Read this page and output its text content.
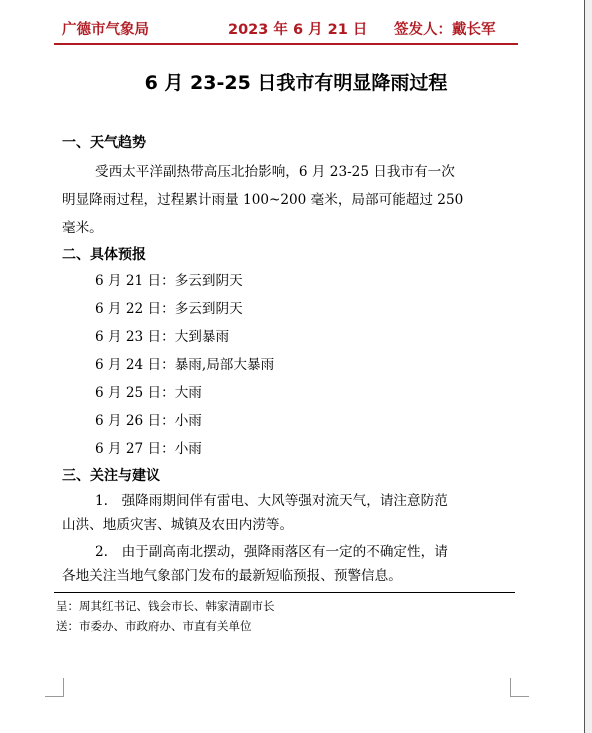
广德市气象局	2023 年 6 月 21 日 签发人：戴长军
6 月 23-25 日我市有明显降雨过程
一、天气趋势
受西太平洋副热带高压北抬影响，6 月 23-25 日我市有一次
明显降雨过程，过程累计雨量 100~200 毫米，局部可能超过 250
毫米。
二、具体预报
6 月 21 日：多云到阴天
6 月 22 日：多云到阴天
6 月 23 日：大到暴雨
6 月 24 日：暴雨,局部大暴雨
6 月 25 日：大雨
6 月 26 日：小雨
6 月 27 日：小雨
三、关注与建议
1.　强降雨期间伴有雷电、大风等强对流天气，请注意防范
山洪、地质灾害、城镇及农田内涝等。
2.　由于副高南北摆动，强降雨落区有一定的不确定性，请
各地关注当地气象部门发布的最新短临预报、预警信息。
呈：周其红书记、钱会市长、韩家清副市长
送：市委办、市政府办、市直有关单位
